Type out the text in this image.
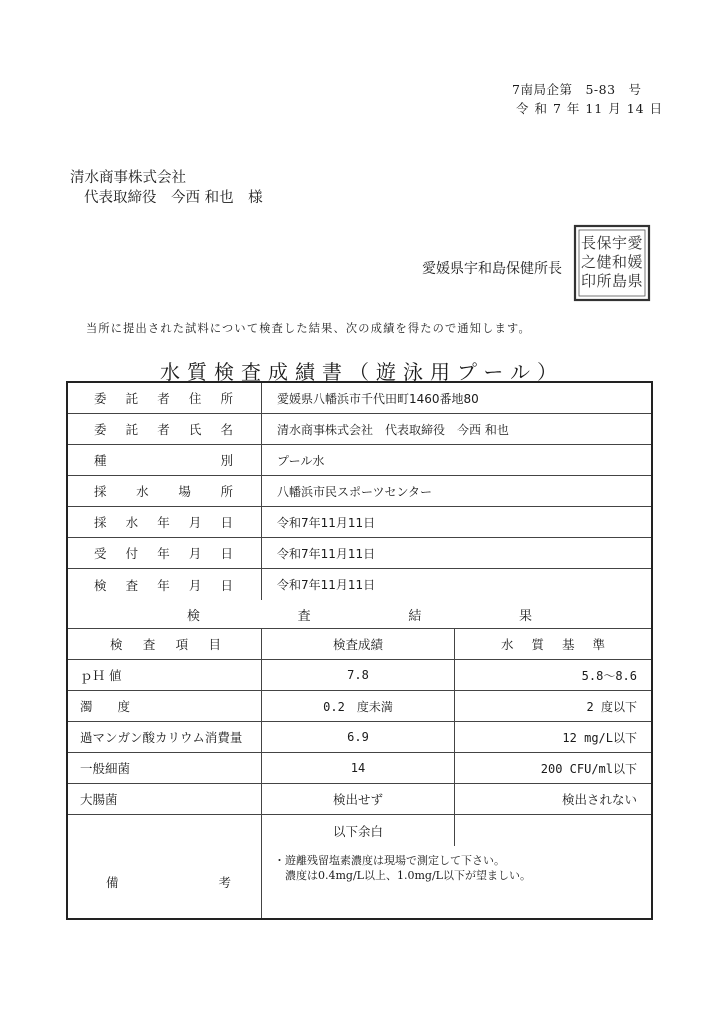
7南局企第　5-83　号
令 和 7 年 11 月 14 日
清水商事株式会社
代表取締役　今西 和也　様
愛媛県宇和島保健所長
愛
媛
県
宇
和
島
保
健
所
長
之
印
当所に提出された試料について検査した結果、次の成績を得たので通知します。
水質検査成績書（遊泳用プール）
委 託 者 住 所	愛媛県八幡浜市千代田町1460番地80
委 託 者 氏 名	清水商事株式会社　代表取締役　今西 和也
種	別	プール水
採 水 場 所	八幡浜市民スポーツセンター
採 水 年 月 日	令和7年11月11日
受 付 年 月 日	令和7年11月11日
検 査 年 月 日	令和7年11月11日
検	査	結	果
検 査 項 目	検査成績	水 質 基 準
ｐＨ 値	7.8	5.8～8.6
濁　　度	0.2　度未満	2 度以下
過マンガン酸カリウム消費量	6.9	12 mg/L以下
一般細菌	14	200 CFU/ml以下
大腸菌	検出せず	検出されない
以下余白
備	考
・遊離残留塩素濃度は現場で測定して下さい。
　濃度は0.4mg/L以上、1.0mg/L以下が望ましい。
